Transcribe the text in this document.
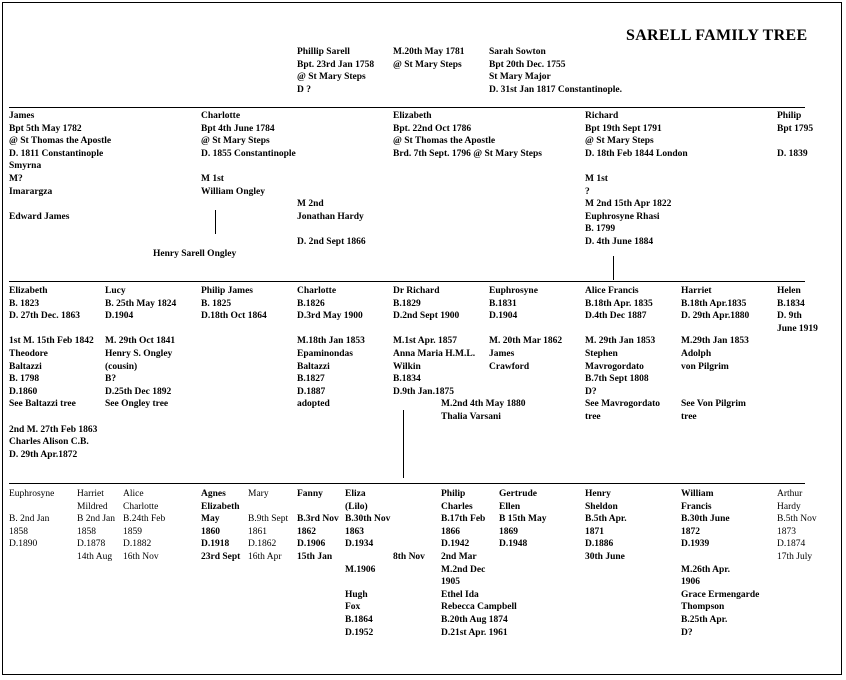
SARELL FAMILY TREE
Phillip Sarell
Bpt. 23rd Jan 1758
@ St Mary Steps
D ?
M.20th May 1781
@ St Mary Steps
Sarah Sowton
Bpt 20th Dec. 1755
St Mary Major
D. 31st Jan 1817 Constantinople.
James
Bpt 5th May 1782
@ St Thomas the Apostle
D. 1811 Constantinople
Smyrna
M?
Imarargza
Edward James
Charlotte
Bpt 4th June 1784
@ St Mary Steps
D. 1855 Constantinople
M 1st
William Ongley
M 2nd
Jonathan Hardy
D. 2nd Sept 1866
Henry Sarell Ongley
Elizabeth
Bpt. 22nd Oct 1786
@ St Thomas the Apostle
Brd. 7th Sept. 1796 @ St Mary Steps
Richard
Bpt 19th Sept 1791
@ St Mary Steps
D. 18th Feb 1844 London
M 1st
?
M 2nd 15th Apr 1822
Euphrosyne Rhasi
B. 1799
D. 4th June 1884
Philip
Bpt 1795
D. 1839
Elizabeth
B. 1823
D. 27th Dec. 1863
1st M. 15th Feb 1842
Theodore
Baltazzi
B. 1798
D.1860
See Baltazzi tree
2nd M. 27th Feb 1863
Charles Alison C.B.
D. 29th Apr.1872
Lucy
B. 25th May 1824
D.1904
M. 29th Oct 1841
Henry S. Ongley
(cousin)
B?
D.25th Dec 1892
See Ongley tree
Philip James
B. 1825
D.18th Oct 1864
Charlotte
B.1826
D.3rd May 1900
M.18th Jan 1853
Epaminondas
Baltazzi
B.1827
D.1887
adopted
Dr Richard
B.1829
D.2nd Sept 1900
M.1st Apr. 1857
Anna Maria H.M.L.
Wilkin
B.1834
D.9th Jan.1875
M.2nd 4th May 1880
Thalia Varsani
Euphrosyne
B.1831
D.1904
M. 20th Mar 1862
James
Crawford
Alice Francis
B.18th Apr. 1835
D.4th Dec 1887
M. 29th Jan 1853
Stephen
Mavrogordato
B.7th Sept 1808
D?
See Mavrogordato
tree
Harriet
B.18th Apr.1835
D. 29th Apr.1880
M.29th Jan 1853
Adolph
von Pilgrim
See Von Pilgrim
tree
Helen
B.1834
D. 9th
June 1919
Euphrosyne
B. 2nd Jan
1858
D.1890
Harriet
Mildred
B 2nd Jan
1858
D.1878
14th Aug
Alice
Charlotte
B.24th Feb
1859
D.1882
16th Nov
Agnes
Elizabeth
May
1860
D.1918
23rd Sept
Mary
B.9th Sept
1861
D.1862
16th Apr
Fanny
B.3rd Nov
1862
D.1906
15th Jan
Eliza
(Lilo)
B.30th Nov
1863
D.1934
M.1906
Hugh
Fox
B.1864
D.1952
8th Nov
Philip
Charles
B.17th Feb
1866
D.1942
2nd Mar
M.2nd Dec
1905
Ethel Ida
Rebecca Campbell
B.20th Aug 1874
D.21st Apr. 1961
Gertrude
Ellen
B 15th May
1869
D.1948
Henry
Sheldon
B.5th Apr.
1871
D.1886
30th June
William
Francis
B.30th June
1872
D.1939
M.26th Apr.
1906
Grace Ermengarde
Thompson
B.25th Apr.
D?
Arthur
Hardy
B.5th Nov
1873
D.1874
17th July
